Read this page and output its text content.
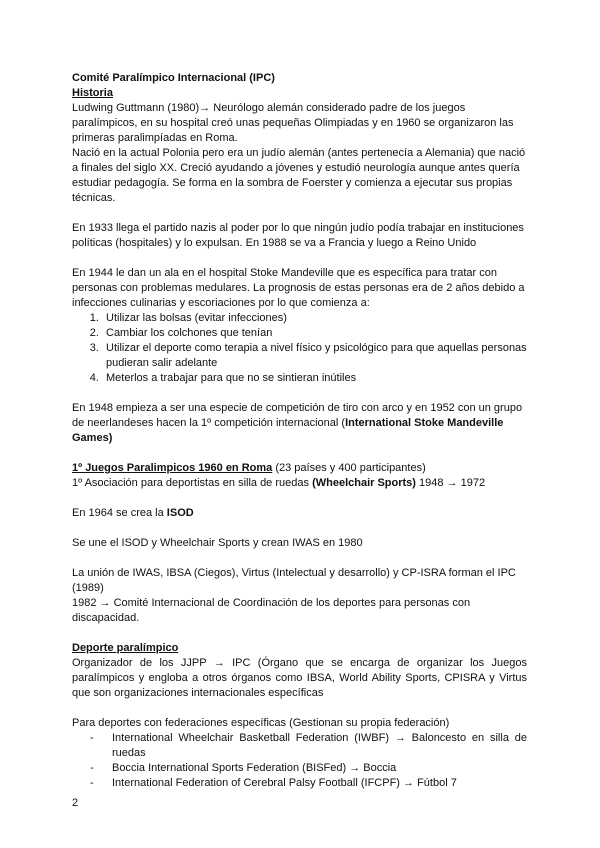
Comité Paralímpico Internacional (IPC)

Historia

Ludwing Guttmann (1980)→ Neurólogo alemán considerado padre de los juegos paralímpicos, en su hospital creó unas pequeñas Olimpiadas y en 1960 se organizaron las primeras paralimpíadas en Roma.

Nació en la actual Polonia pero era un judío alemán (antes pertenecía a Alemania) que nació a finales del siglo XX. Creció ayudando a jóvenes y estudió neurología aunque antes quería estudiar pedagogía. Se forma en la sombra de Foerster y comienza a ejecutar sus propias técnicas.

En 1933 llega el partido nazis al poder por lo que ningún judío podía trabajar en instituciones políticas (hospitales) y lo expulsan. En 1988 se va a Francia y luego a Reino Unido

En 1944 le dan un ala en el hospital Stoke Mandeville que es específica para tratar con personas con problemas medulares. La prognosis de estas personas era de 2 años debido a infecciones culinarias y escoriaciones por lo que comienza a:

1. Utilizar las bolsas (evitar infecciones)
2. Cambiar los colchones que tenían
3. Utilizar el deporte como terapia a nivel físico y psicológico para que aquellas personas pudieran salir adelante
4. Meterlos a trabajar para que no se sintieran inútiles

En 1948 empieza a ser una especie de competición de tiro con arco y en 1952 con un grupo de neerlandeses hacen la 1º competición internacional (International Stoke Mandeville Games)

1º Juegos Paralimpicos 1960 en Roma (23 países y 400 participantes)

1º Asociación para deportistas en silla de ruedas (Wheelchair Sports) 1948 → 1972

En 1964 se crea la ISOD

Se une el ISOD y Wheelchair Sports y crean IWAS en 1980

La unión de IWAS, IBSA (Ciegos), Virtus (Intelectual y desarrollo) y CP-ISRA forman el IPC (1989)

1982 → Comité Internacional de Coordinación de los deportes para personas con discapacidad.

Deporte paralímpico

Organizador de los JJPP → IPC (Órgano que se encarga de organizar los Juegos paralímpicos y engloba a otros órganos como IBSA, World Ability Sports, CPISRA y Virtus que son organizaciones internacionales específicas

Para deportes con federaciones específicas (Gestionan su propia federación)

- International Wheelchair Basketball Federation (IWBF) → Baloncesto en silla de ruedas
- Boccia International Sports Federation (BISFed) → Boccia
- International Federation of Cerebral Palsy Football (IFCPF) → Fútbol 7
2
